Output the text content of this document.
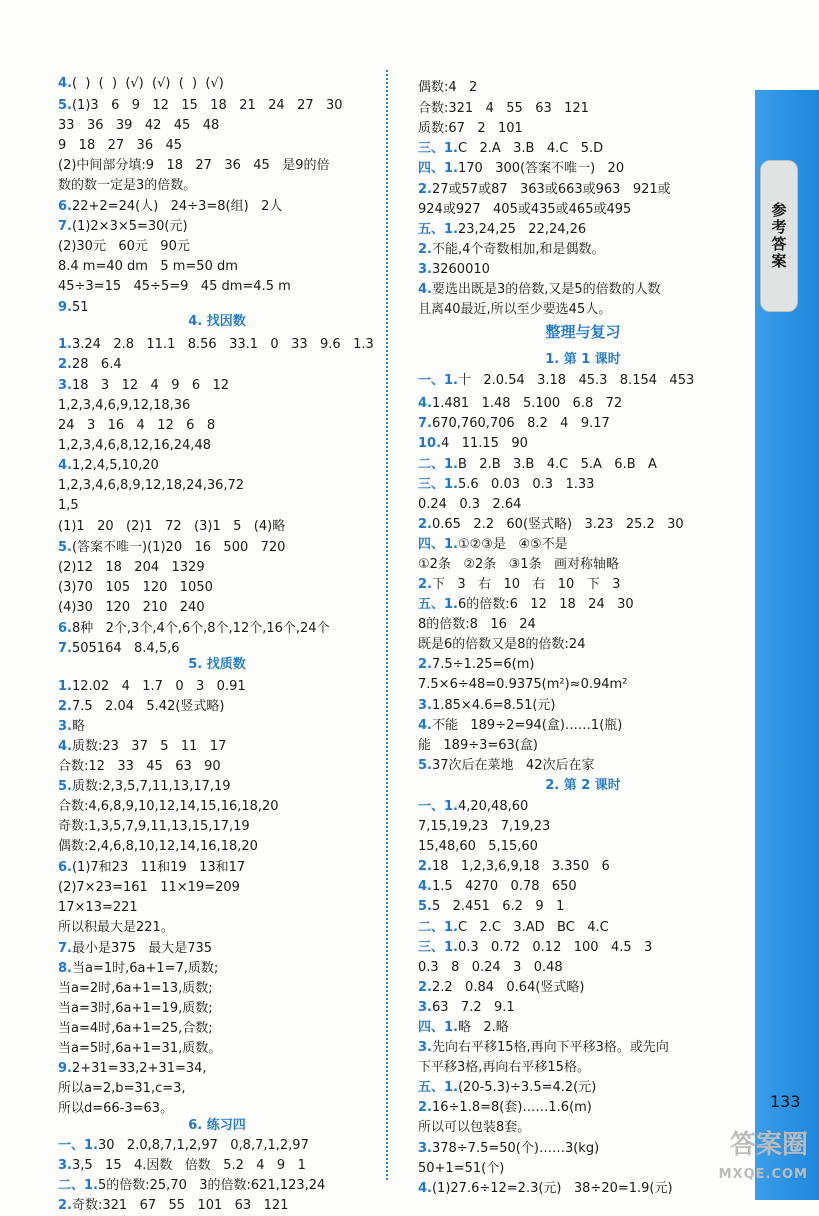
参考答案
4.(  )  (  )  (√)  (√)  (  )  (√)
5.(1)3   6   9   12   15   18   21   24   27   30
33   36   39   42   45   48
9   18   27   36   45
(2)中间部分填:9   18   27   36   45   是9的倍
数的数一定是3的倍数。
6.22+2=24(人)   24÷3=8(组)   2人
7.(1)2×3×5=30(元)
(2)30元   60元   90元
8.4 m=40 dm   5 m=50 dm
45÷3=15   45÷5=9   45 dm=4.5 m
9.51
1.3.24   2.8   11.1   8.56   33.1   0   33   9.6   1.3
2.28   6.4
3.18   3   12   4   9   6   12
1,2,3,4,6,9,12,18,36
24   3   16   4   12   6   8
1,2,3,4,6,8,12,16,24,48
4.1,2,4,5,10,20
1,2,3,4,6,8,9,12,18,24,36,72
1,5
(1)1   20   (2)1   72   (3)1   5   (4)略
5.(答案不唯一)(1)20   16   500   720
(2)12   18   204   1329
(3)70   105   120   1050
(4)30   120   210   240
6.8种   2个,3个,4个,6个,8个,12个,16个,24个
7.505164   8.4,5,6
1.12.02   4   1.7   0   3   0.91
2.7.5   2.04   5.42(竖式略)
3.略
4.质数:23   37   5   11   17
合数:12   33   45   63   90
5.质数:2,3,5,7,11,13,17,19
合数:4,6,8,9,10,12,14,15,16,18,20
奇数:1,3,5,7,9,11,13,15,17,19
偶数:2,4,6,8,10,12,14,16,18,20
6.(1)7和23   11和19   13和17
(2)7×23=161   11×19=209
17×13=221
所以积最大是221。
7.最小是375   最大是735
8.当a=1时,6a+1=7,质数;
当a=2时,6a+1=13,质数;
当a=3时,6a+1=19,质数;
当a=4时,6a+1=25,合数;
当a=5时,6a+1=31,质数。
9.2+31=33,2+31=34,
所以a=2,b=31,c=3,
所以d=66-3=63。
一、1.30   2.0,8,7,1,2,97   0,8,7,1,2,97
3.3,5   15   4.因数   倍数   5.2   4   9   1
二、1.5的倍数:25,70   3的倍数:621,123,24
2.奇数:321   67   55   101   63   121
4. 找因数
5. 找质数
6. 练习四
偶数:4   2
合数:321   4   55   63   121
质数:67   2   101
三、1.C   2.A   3.B   4.C   5.D
四、1.170   300(答案不唯一)   20
2.27或57或87   363或663或963   921或
924或927   405或435或465或495
五、1.23,24,25   22,24,26
2.不能,4个奇数相加,和是偶数。
3.3260010
4.要选出既是3的倍数,又是5的倍数的人数
且离40最近,所以至少要选45人。
一、1.十   2.0.54   3.18   45.3   8.154   453
4.1.481   1.48   5.100   6.8   72
7.670,760,706   8.2   4   9.17
10.4   11.15   90
二、1.B   2.B   3.B   4.C   5.A   6.B   A
三、1.5.6   0.03   0.3   1.33
0.24   0.3   2.64
2.0.65   2.2   60(竖式略)   3.23   25.2   30
四、1.①②③是   ④⑤不是
①2条   ②2条   ③1条   画对称轴略
2.下   3   右   10   右   10   下   3
五、1.6的倍数:6   12   18   24   30
8的倍数:8   16   24
既是6的倍数又是8的倍数:24
2.7.5÷1.25=6(m)
7.5×6÷48=0.9375(m²)≈0.94m²
3.1.85×4.6=8.51(元)
4.不能   189÷2=94(盒)……1(瓶)
能   189÷3=63(盒)
5.37次后在菜地   42次后在家
一、1.4,20,48,60
7,15,19,23   7,19,23
15,48,60   5,15,60
2.18   1,2,3,6,9,18   3.350   6
4.1.5   4270   0.78   650
5.5   2.451   6.2   9   1
二、1.C   2.C   3.AD   BC   4.C
三、1.0.3   0.72   0.12   100   4.5   3
0.3   8   0.24   3   0.48
2.2.2   0.84   0.64(竖式略)
3.63   7.2   9.1
四、1.略   2.略
3.先向右平移15格,再向下平移3格。或先向
下平移3格,再向右平移15格。
五、1.(20-5.3)÷3.5=4.2(元)
2.16÷1.8=8(套)……1.6(m)
所以可以包装8套。
3.378÷7.5=50(个)……3(kg)
50+1=51(个)
4.(1)27.6÷12=2.3(元)   38÷20=1.9(元)
整理与复习
1. 第 1 课时
2. 第 2 课时
133
答案圈
MXQE.COM
